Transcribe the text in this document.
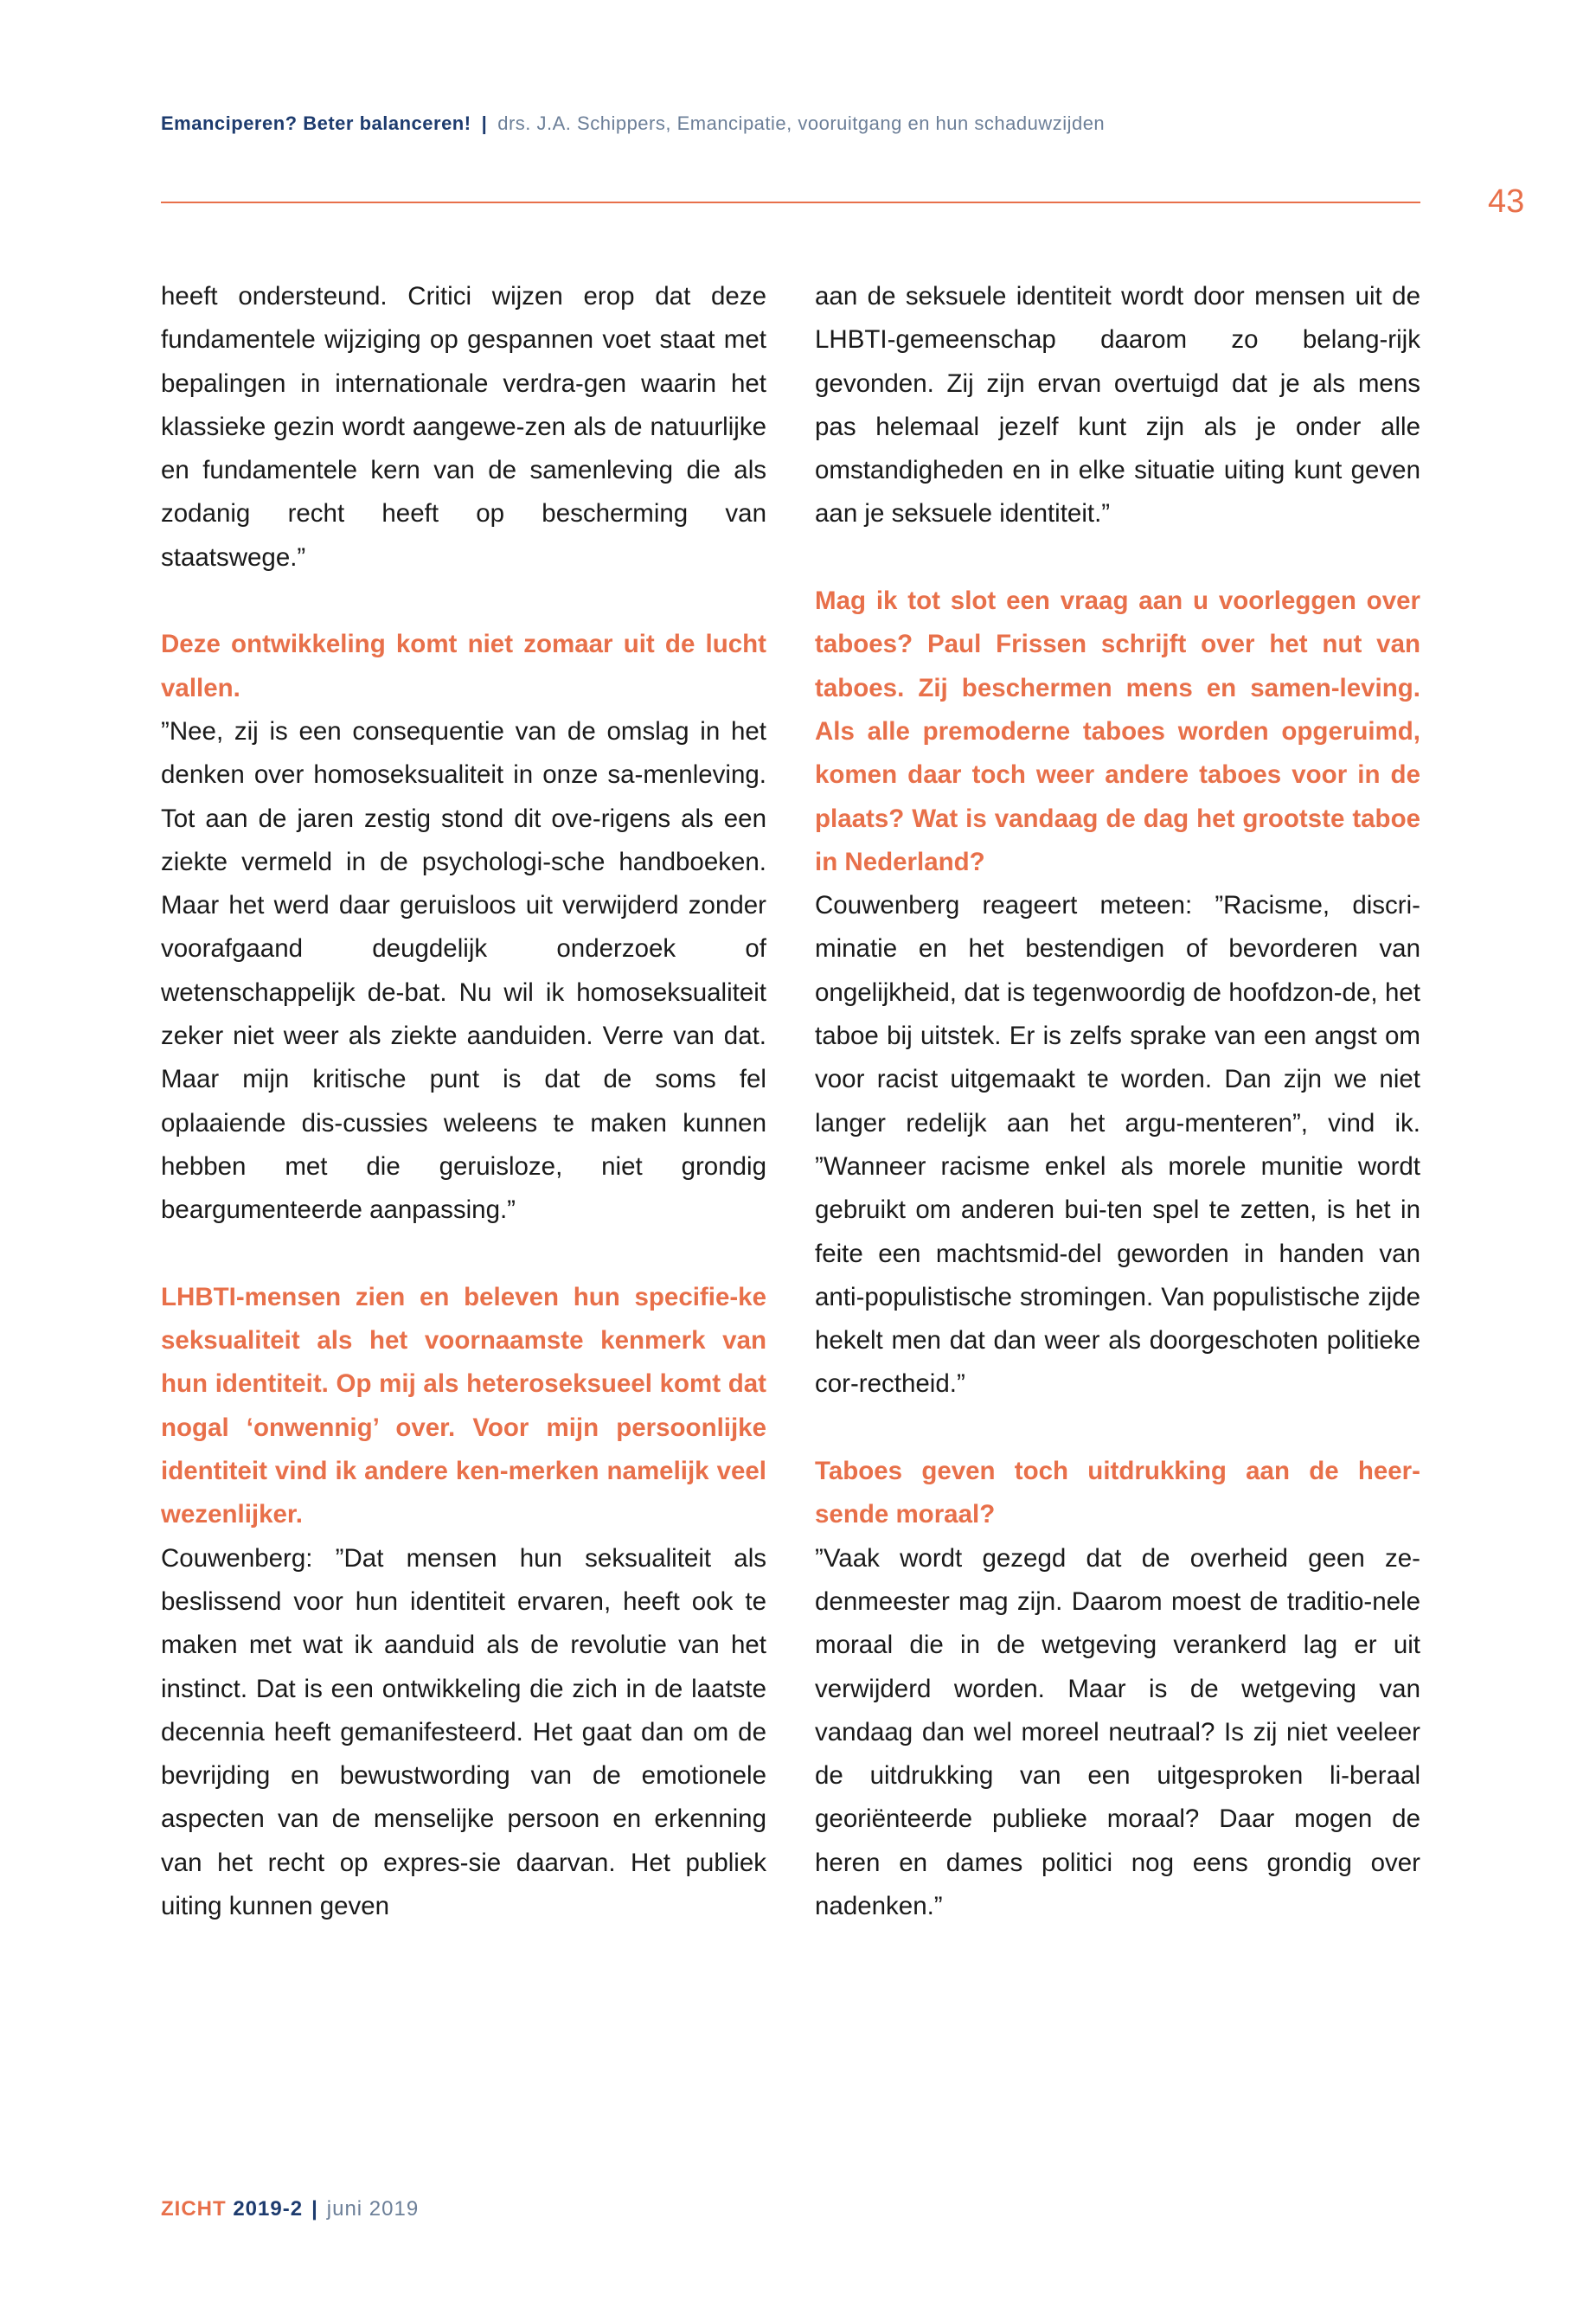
Emanciperen? Beter balanceren! | drs. J.A. Schippers, Emancipatie, vooruitgang en hun schaduwzijden
43

heeft ondersteund. Critici wijzen erop dat deze fundamentele wijziging op gespannen voet staat met bepalingen in internationale verdra-gen waarin het klassieke gezin wordt aangewe-zen als de natuurlijke en fundamentele kern van de samenleving die als zodanig recht heeft op bescherming van staatswege.”

Deze ontwikkeling komt niet zomaar uit de lucht vallen.
”Nee, zij is een consequentie van de omslag in het denken over homoseksualiteit in onze sa-menleving. Tot aan de jaren zestig stond dit ove-rigens als een ziekte vermeld in de psychologi-sche handboeken. Maar het werd daar geruisloos uit verwijderd zonder voorafgaand deugdelijk onderzoek of wetenschappelijk de-bat. Nu wil ik homoseksualiteit zeker niet weer als ziekte aanduiden. Verre van dat. Maar mijn kritische punt is dat de soms fel oplaaiende dis-cussies weleens te maken kunnen hebben met die geruisloze, niet grondig beargumenteerde aanpassing.”

LHBTI-mensen zien en beleven hun specifie-ke seksualiteit als het voornaamste kenmerk van hun identiteit. Op mij als heteroseksueel komt dat nogal ‘onwennig’ over. Voor mijn persoonlijke identiteit vind ik andere ken-merken namelijk veel wezenlijker.
Couwenberg: ”Dat mensen hun seksualiteit als beslissend voor hun identiteit ervaren, heeft ook te maken met wat ik aanduid als de revolutie van het instinct. Dat is een ontwikkeling die zich in de laatste decennia heeft gemanifesteerd. Het gaat dan om de bevrijding en bewustwording van de emotionele aspecten van de menselijke persoon en erkenning van het recht op expres-sie daarvan. Het publiek uiting kunnen geven

aan de seksuele identiteit wordt door mensen uit de LHBTI-gemeenschap daarom zo belang-rijk gevonden. Zij zijn ervan overtuigd dat je als mens pas helemaal jezelf kunt zijn als je onder alle omstandigheden en in elke situatie uiting kunt geven aan je seksuele identiteit.”

Mag ik tot slot een vraag aan u voorleggen over taboes? Paul Frissen schrijft over het nut van taboes. Zij beschermen mens en samen-leving. Als alle premoderne taboes worden opgeruimd, komen daar toch weer andere taboes voor in de plaats? Wat is vandaag de dag het grootste taboe in Nederland?
Couwenberg reageert meteen: ”Racisme, discri-minatie en het bestendigen of bevorderen van ongelijkheid, dat is tegenwoordig de hoofdzon-de, het taboe bij uitstek. Er is zelfs sprake van een angst om voor racist uitgemaakt te worden. Dan zijn we niet langer redelijk aan het argu-menteren”, vind ik. ”Wanneer racisme enkel als morele munitie wordt gebruikt om anderen bui-ten spel te zetten, is het in feite een machtsmid-del geworden in handen van anti-populistische stromingen. Van populistische zijde hekelt men dat dan weer als doorgeschoten politieke cor-rectheid.”

Taboes geven toch uitdrukking aan de heer-sende moraal?
”Vaak wordt gezegd dat de overheid geen ze-denmeester mag zijn. Daarom moest de traditio-nele moraal die in de wetgeving verankerd lag er uit verwijderd worden. Maar is de wetgeving van vandaag dan wel moreel neutraal? Is zij niet veeleer de uitdrukking van een uitgesproken li-beraal georiënteerde publieke moraal? Daar mogen de heren en dames politici nog eens grondig over nadenken.”

ZICHT 2019-2 | juni 2019
